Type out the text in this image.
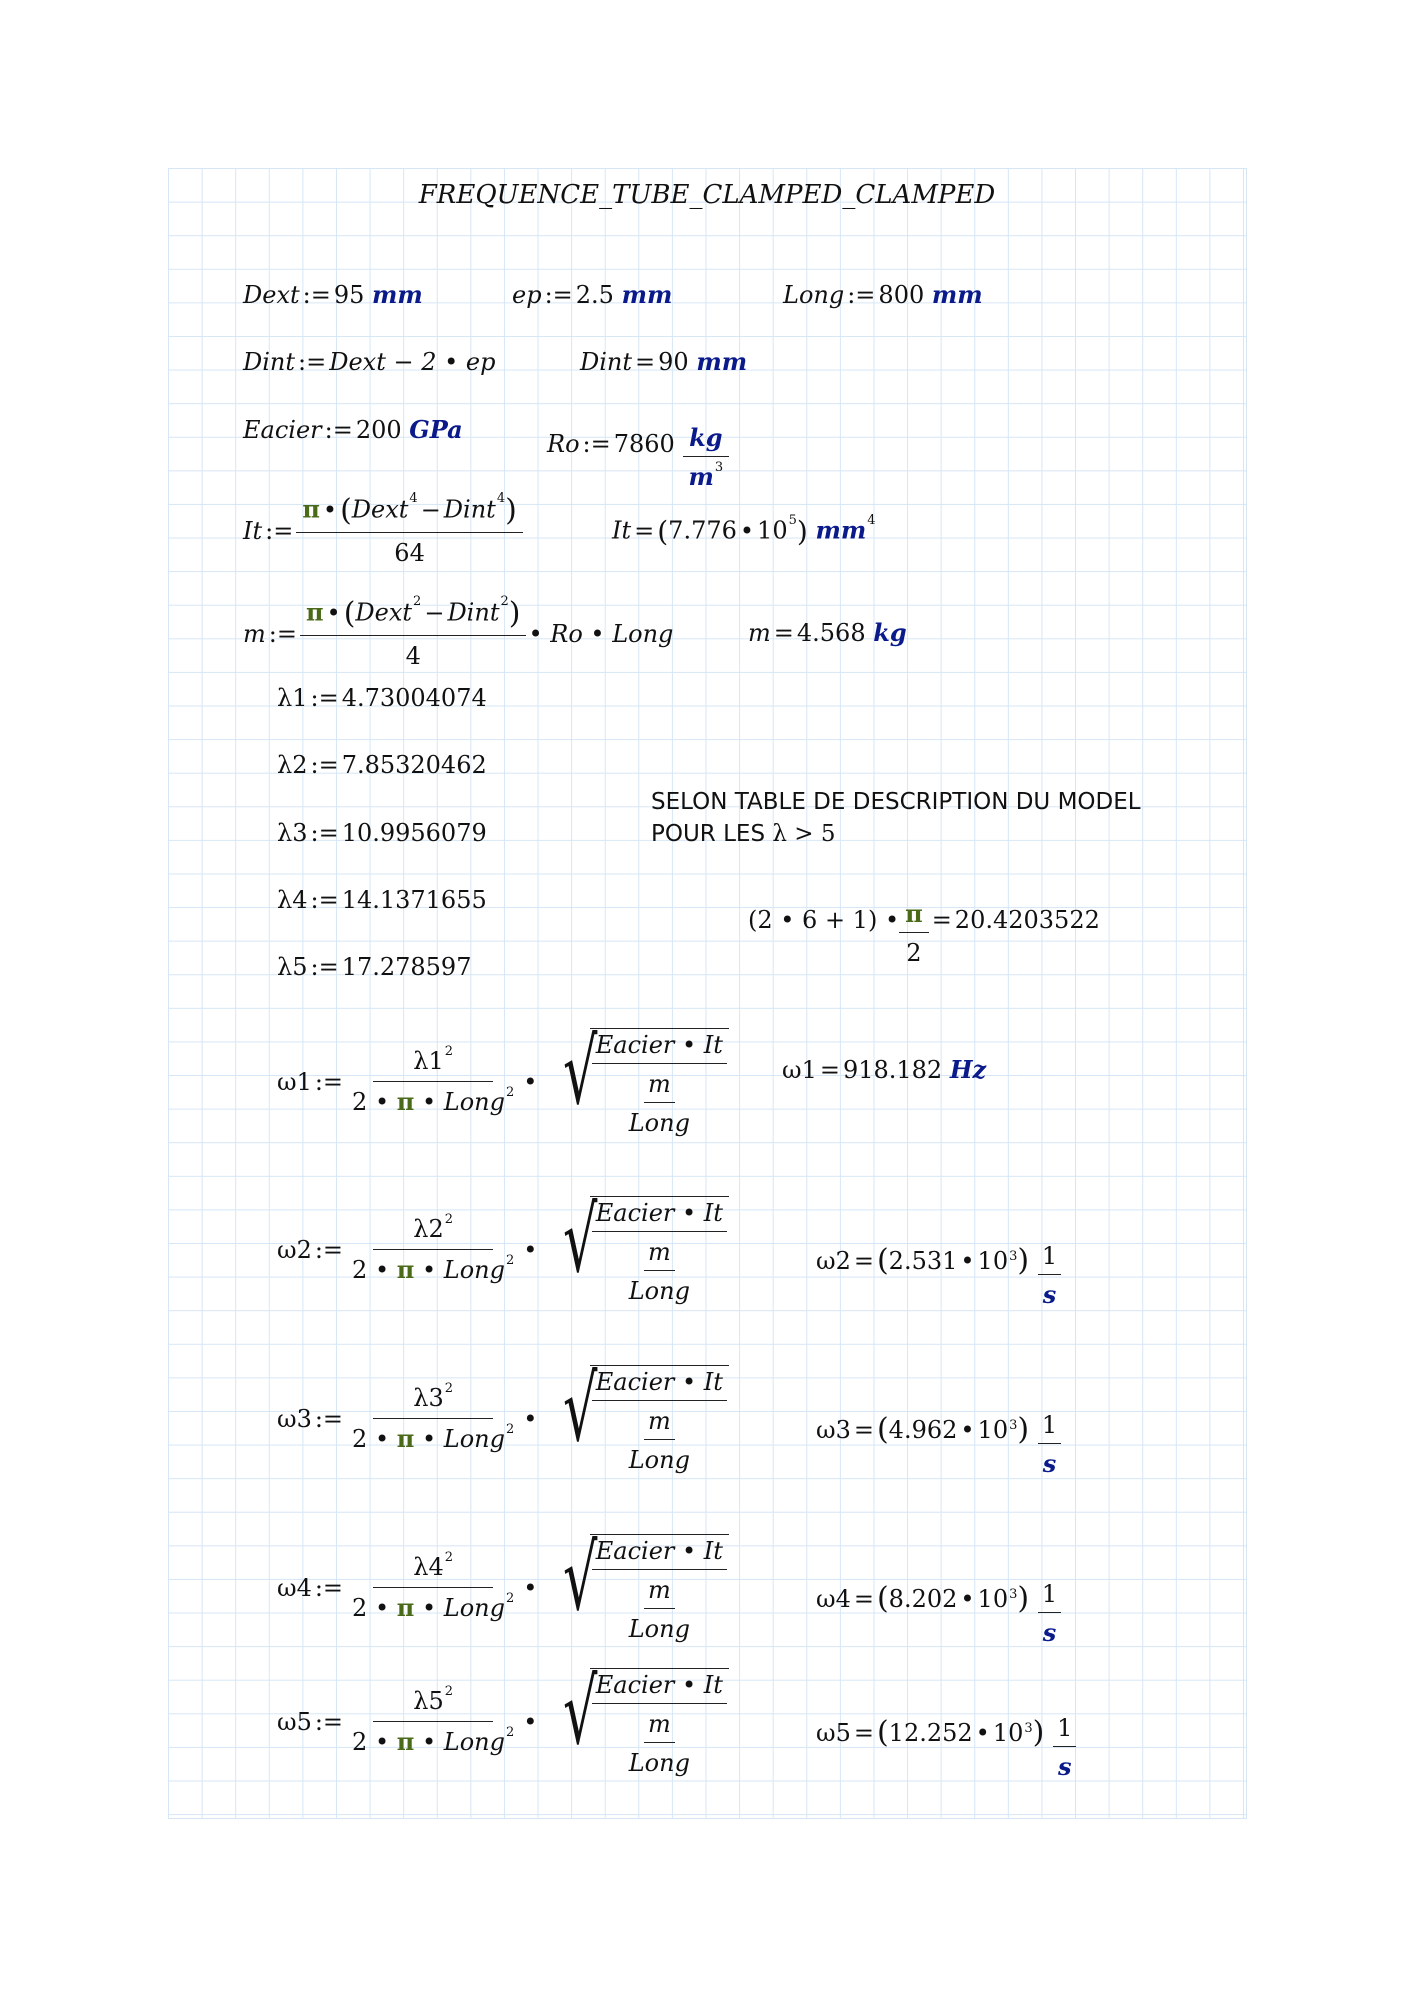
FREQUENCE_TUBE_CLAMPED_CLAMPED
Dext := 95 mm	ep := 2.5 mm	Long := 800 mm
Dint := Dext − 2 • ep	Dint = 90 mm
Eacier := 200 GPa	Ro := 7860
$\frac{kg}{m^3}$
It := $\frac{\pi • (Dext^4 - Dint^4)}{64}$	It = (7.776 • $10^5$) $mm^4$
m := $\frac{\pi • (Dext^2 - Dint^2)}{4}$ • Ro • Long	m = 4.568 kg
λ1 := 4.73004074
λ2 := 7.85320462
λ3 := 10.9956079
λ4 := 14.1371655
λ5 := 17.278597
SELON TABLE DE DESCRIPTION DU MODEL
POUR LES λ > 5
(2 • 6 + 1) • $\frac{\pi}{2} = 20.4203522$
ω1 := $\frac{\lambda 1^2}{2 • \pi • Long^2}$ • √
Eacier • It
$\frac{m}{\text{Long}}$
ω1 = 918.182
Hz
ω2 := $\frac{\lambda 2^2}{2 • \pi • Long^2}$ • √
Eacier • It
$\frac{m}{\text{Long}}$	ω2 = ( 2.531 • 10 3 )
$\frac{1}{s}$
ω3 := $\frac{\lambda 3^2}{2 • \pi • Long^2}$ • √
Eacier • It
$\frac{m}{\text{Long}}$	ω3 = ( 4.962 • 10 3 )
$\frac{1}{s}$
ω4 := $\frac{\lambda 4^2}{2 • \pi • Long^2}$ • √
Eacier • It
$\frac{m}{\text{Long}}$	ω4 = ( 8.202 • 10 3 )
$\frac{1}{s}$
ω5 := $\frac{\lambda 5^2}{2 • \pi • Long^2}$ • √
Eacier • It
$\frac{m}{\text{Long}}$	ω5 = ( 12.252 • 10 3 )
$\frac{1}{s}$
